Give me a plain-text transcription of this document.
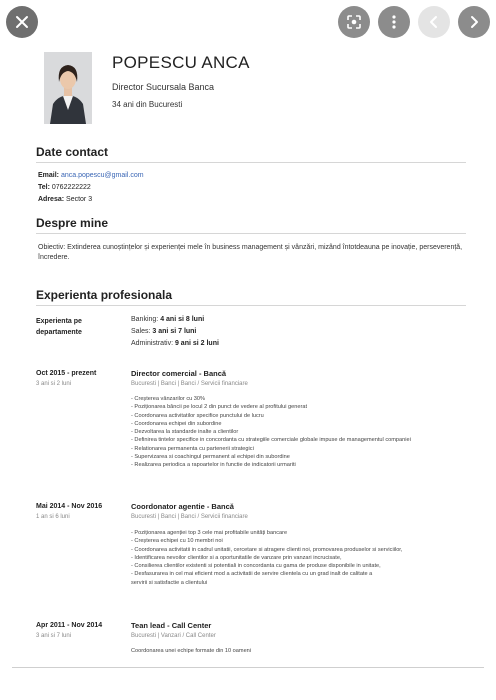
POPESCU ANCA
Director Sucursala Banca
34 ani din Bucuresti
Date contact
Email: anca.popescu@gmail.com
Tel: 0762222222
Adresa: Sector 3
Despre mine
Obiectiv: Extinderea cunoștințelor și experienței mele în business management și vânzări, mizând întotdeauna pe inovație, perseverență, încredere.
Experienta profesionala
Experienta pe departamente
Banking: 4 ani si 8 luni
Sales: 3 ani si 7 luni
Administrativ: 9 ani si 2 luni
Oct 2015 - prezent
3 ani si 2 luni
Director comercial - Bancă
Bucuresti | Banci | Banci / Servicii financiare
- Creșterea vânzarilor cu 30%
- Poziționarea băncii pe locul 2 din punct de vedere al profitului generat
- Coordonarea activitatilor specifice punctului de lucru
- Coordonarea echipei din subordine
- Dezvoltarea la standarde inalte a clientilor
- Definirea tintelor specifice in concordanta cu strategiile comerciale globale impuse de managementul companiei
- Relationarea permanenta cu partenerii strategici
- Supervizarea si coachingul permanent al echipei din subordine
- Realizarea periodica a rapoartelor in functie de indicatorii urmariti
Mai 2014 - Nov 2016
1 an si 6 luni
Coordonator agentie - Bancă
Bucuresti | Banci | Banci / Servicii financiare
- Poziționarea agenției top 3 cele mai profitabile unități bancare
- Creșterea echipei cu 10 membri noi
- Coordonarea activitatii in cadrul unitatii, cercetare si atragere clienti noi, promovarea produselor si serviciilor,
- Identificarea nevoilor clientilor si a oportunitatile de vanzare prin vanzari incrucisate,
- Consilierea clientilor existenti si potentiali in concordanta cu gama de produse disponibile in unitate,
- Desfasurarea in cel mai eficient mod a activitatii de servire clientela cu un grad inalt de calitate a
servirii si satisfactie a clientului
Apr 2011 - Nov 2014
3 ani si 7 luni
Tean lead - Call Center
Bucuresti | Vanzari / Call Center
Coordonarea unei echipe formate din 10 oameni
